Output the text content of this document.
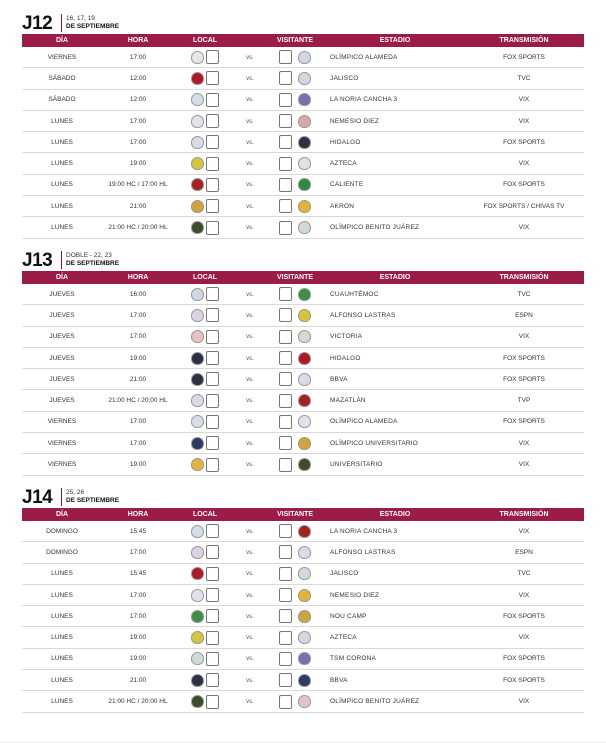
J12 16, 17, 19
DE SEPTIEMBRE
DÍA	HORA	LOCAL		VISITANTE	ESTADIO	TRANSMISIÓN
VIERNES	17:00		vs.		OLÍMPICO ALAMEDA	FOX SPORTS
SÁBADO	12:00		vs.		JALISCO	TVC
SÁBADO	12:00		vs.		LA NORIA CANCHA 3	VIX
LUNES	17:00		vs.		NEMESIO DIEZ	VIX
LUNES	17:00		vs.		HIDALGO	FOX SPORTS
LUNES	19:00		vs.		AZTECA	VIX
LUNES	19:00 HC / 17:00 HL		vs.		CALIENTE	FOX SPORTS
LUNES	21:00		vs.		AKRON	FOX SPORTS / CHIVAS TV
LUNES	21:00 HC / 20:00 HL		vs.		OLÍMPICO BENITO JUÁREZ	VIX
J13 DOBLE - 22, 23
DE SEPTIEMBRE
DÍA	HORA	LOCAL		VISITANTE	ESTADIO	TRANSMISIÓN
JUEVES	16:00		vs.		CUAUHTÉMOC	TVC
JUEVES	17:00		vs.		ALFONSO LASTRAS	ESPN
JUEVES	17:00		vs.		VICTORIA	VIX
JUEVES	19:00		vs.		HIDALGO	FOX SPORTS
JUEVES	21:00		vs.		BBVA	FOX SPORTS
JUEVES	21:00 HC / 20:00 HL		vs.		MAZATLÁN	TVP
VIERNES	17:00		vs.		OLÍMPICO ALAMEDA	FOX SPORTS
VIERNES	17:00		vs.		OLÍMPICO UNIVERSITARIO	VIX
VIERNES	19:00		vs.		UNIVERSITARIO	VIX
J14 25, 26
DE SEPTIEMBRE
DÍA	HORA	LOCAL		VISITANTE	ESTADIO	TRANSMISIÓN
DOMINGO	15:45		vs.		LA NORIA CANCHA 3	VIX
DOMINGO	17:00		vs.		ALFONSO LASTRAS	ESPN
LUNES	15:45		vs.		JALISCO	TVC
LUNES	17:00		vs.		NEMESIO DIEZ	VIX
LUNES	17:00		vs.		NOU CAMP	FOX SPORTS
LUNES	19:00		vs.		AZTECA	VIX
LUNES	19:00		vs.		TSM CORONA	FOX SPORTS
LUNES	21:00		vs.		BBVA	FOX SPORTS
LUNES	21:00 HC / 20:00 HL		vs.		OLÍMPICO BENITO JUÁREZ	VIX
